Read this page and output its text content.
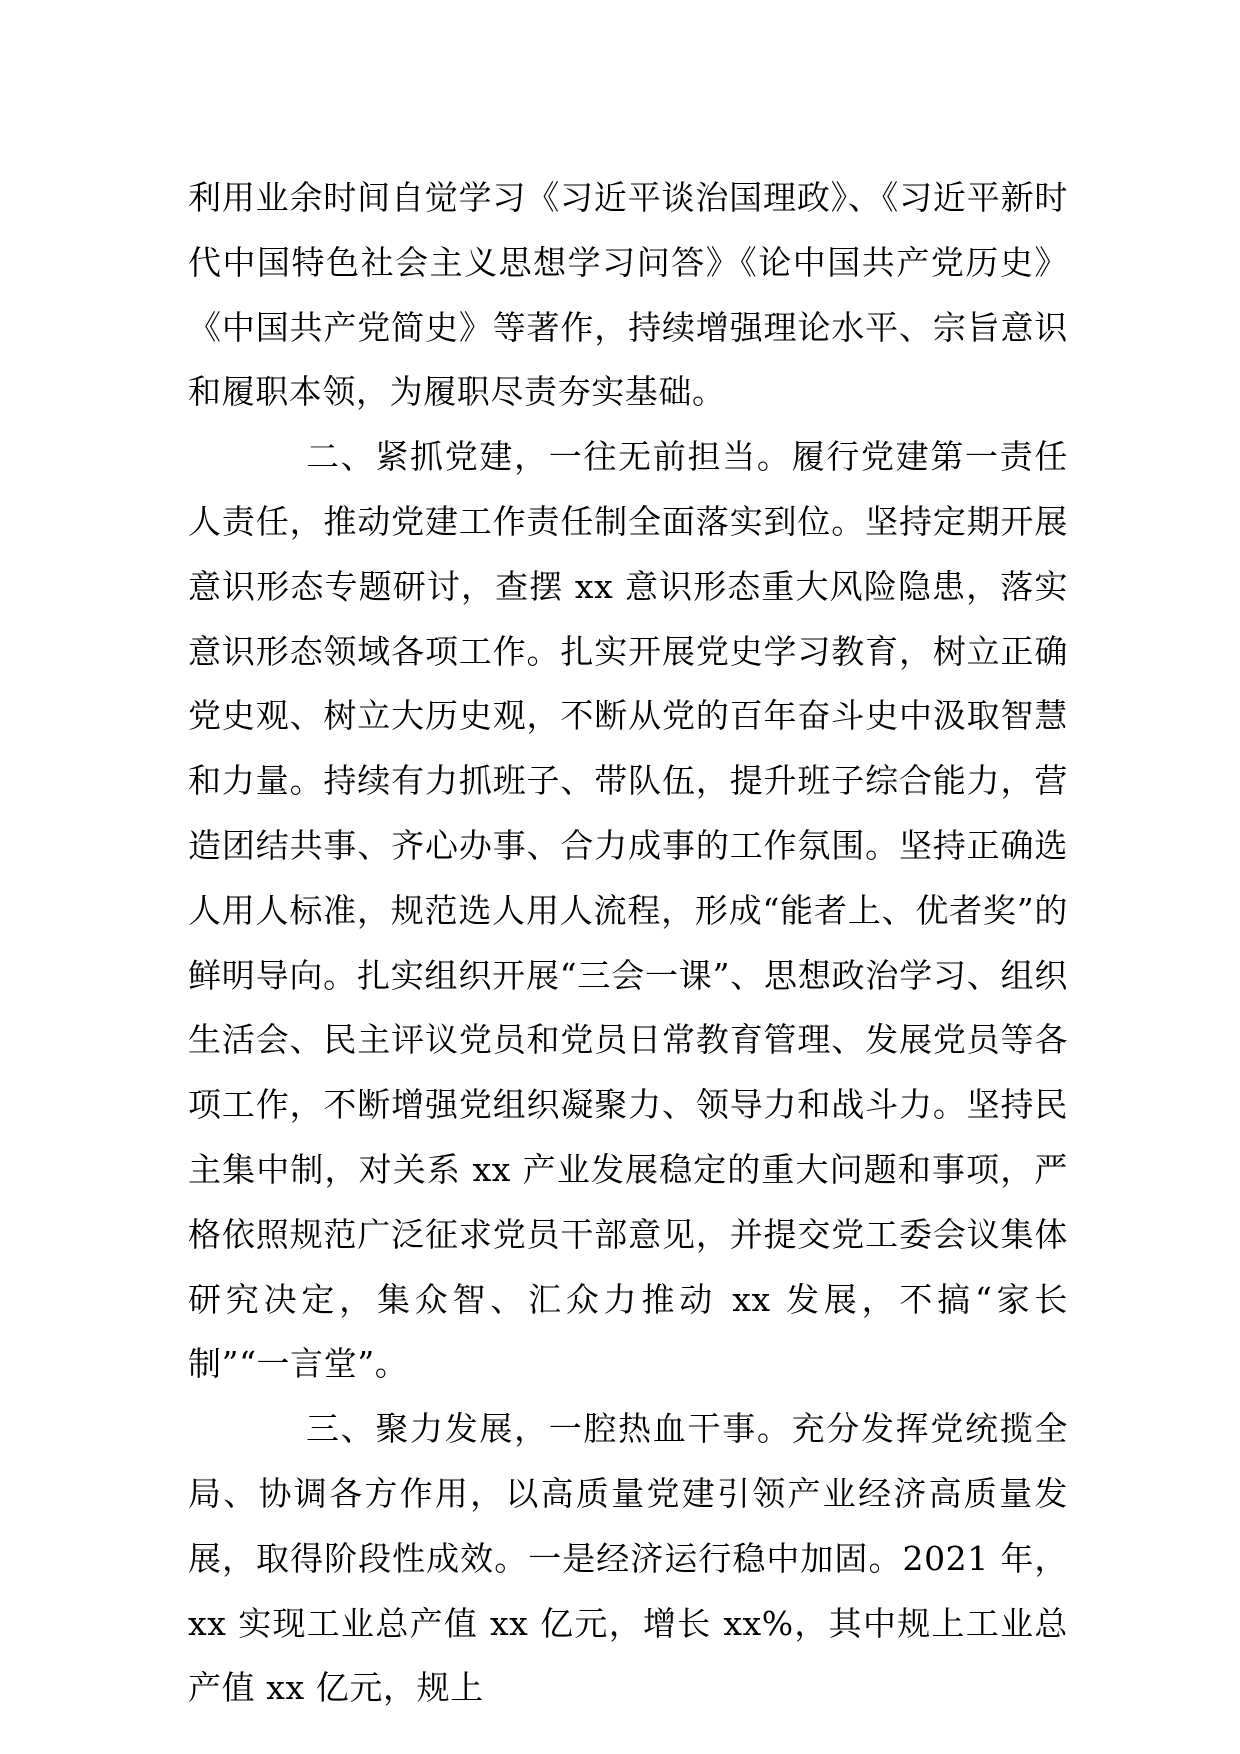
利用业余时间自觉学习《习近平谈治国理政》、《习近平新时代中国特色社会主义思想学习问答》《论中国共产党历史》《中国共产党简史》等著作，持续增强理论水平、宗旨意识和履职本领，为履职尽责夯实基础。

二、紧抓党建，一往无前担当。履行党建第一责任人责任，推动党建工作责任制全面落实到位。坚持定期开展意识形态专题研讨，查摆 xx 意识形态重大风险隐患，落实意识形态领域各项工作。扎实开展党史学习教育，树立正确党史观、树立大历史观，不断从党的百年奋斗史中汲取智慧和力量。持续有力抓班子、带队伍，提升班子综合能力，营造团结共事、齐心办事、合力成事的工作氛围。坚持正确选人用人标准，规范选人用人流程，形成“能者上、优者奖”的鲜明导向。扎实组织开展“三会一课”、思想政治学习、组织生活会、民主评议党员和党员日常教育管理、发展党员等各项工作，不断增强党组织凝聚力、领导力和战斗力。坚持民主集中制，对关系 xx 产业发展稳定的重大问题和事项，严格依照规范广泛征求党员干部意见，并提交党工委会议集体研究决定，集众智、汇众力推动 xx 发展，不搞“家长制”“一言堂”。

三、聚力发展，一腔热血干事。充分发挥党统揽全局、协调各方作用，以高质量党建引领产业经济高质量发展，取得阶段性成效。一是经济运行稳中加固。2021 年，xx 实现工业总产值 xx 亿元，增长 xx%，其中规上工业总产值 xx 亿元，规上
